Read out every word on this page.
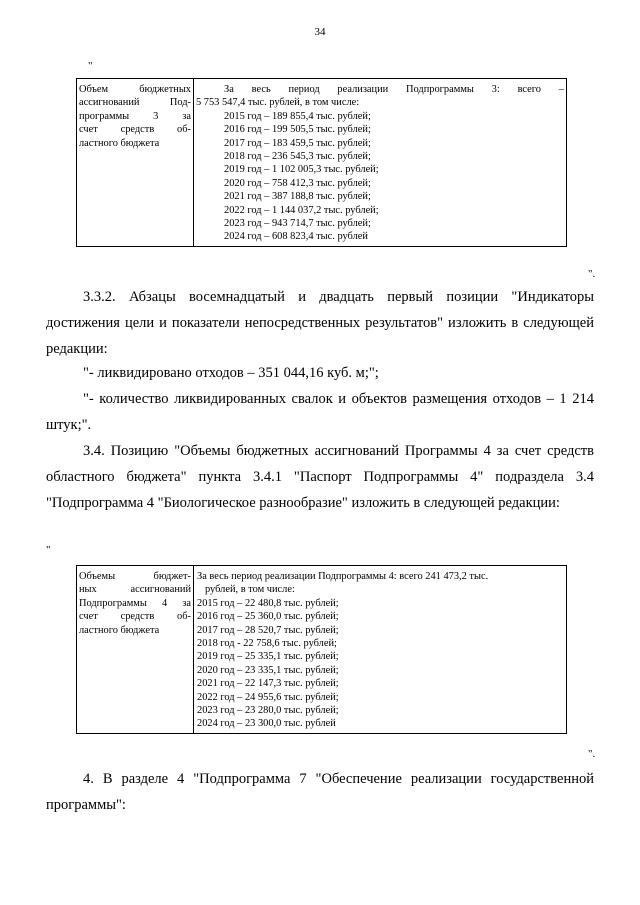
34
"
Объем бюджетных
ассигнований Под-
программы 3 за
счет средств об-
ластного бюджета

За весь период реализации Подпрограммы 3: всего –
5 753 547,4 тыс. рублей, в том числе:
2015 год – 189 855,4 тыс. рублей;
2016 год – 199 505,5 тыс. рублей;
2017 год – 183 459,5 тыс. рублей;
2018 год – 236 545,3 тыс. рублей;
2019 год – 1 102 005,3 тыс. рублей;
2020 год – 758 412,3 тыс. рублей;
2021 год – 387 188,8 тыс. рублей;
2022 год – 1 144 037,2 тыс. рублей;
2023 год – 943 714,7 тыс. рублей;
2024 год – 608 823,4 тыс. рублей
".

3.3.2. Абзацы восемнадцатый и двадцать первый позиции "Индикаторы достижения цели и показатели непосредственных результатов" изложить в следующей редакции:

"- ликвидировано отходов – 351 044,16 куб. м;";

"- количество ликвидированных свалок и объектов размещения отходов – 1 214 штук;".

3.4. Позицию "Объемы бюджетных ассигнований Программы 4 за счет средств областного бюджета" пункта 3.4.1 "Паспорт Подпрограммы 4" подраздела 3.4 "Подпрограмма 4 "Биологическое разнообразие" изложить в следующей редакции:

"
Объемы бюджет-
ных ассигнований
Подпрограммы 4 за
счет средств об-
ластного бюджета

За весь период реализации Подпрограммы 4: всего 241 473,2 тыс.
рублей, в том числе:
2015 год – 22 480,8 тыс. рублей;
2016 год – 25 360,0 тыс. рублей;
2017 год – 28 520,7 тыс. рублей;
2018 год - 22 758,6 тыс. рублей;
2019 год – 25 335,1 тыс. рублей;
2020 год – 23 335,1 тыс. рублей;
2021 год – 22 147,3 тыс. рублей;
2022 год – 24 955,6 тыс. рублей;
2023 год – 23 280,0 тыс. рублей;
2024 год – 23 300,0 тыс. рублей
".

4. В разделе 4 "Подпрограмма 7 "Обеспечение реализации государственной программы":
